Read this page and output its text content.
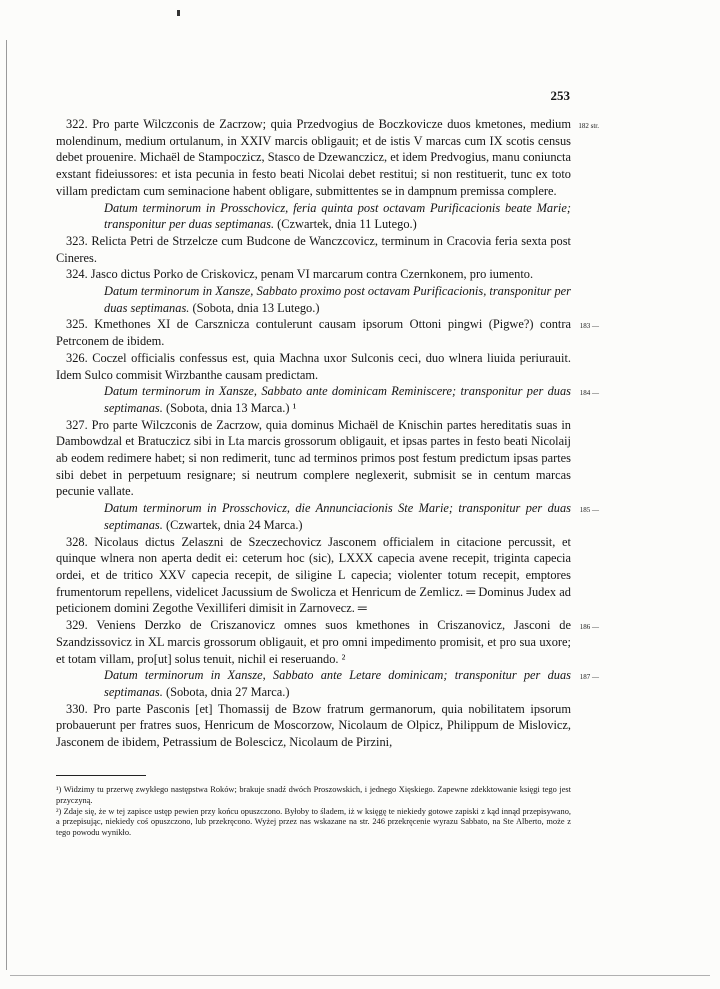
253

322. Pro parte Wilczconis de Zacrzow; quia Przedvogius de Boczkovicze duos kmetones, medium molendinum, medium ortulanum, in XXIV marcis obligauit; et de istis V marcas cum IX scotis census debet prouenire. Michaël de Stampoczicz, Stasco de Dzewanczicz, et idem Predvogius, manu coniuncta exstant fideiussores: et ista pecunia in festo beati Nicolai debet restitui; si non restituerit, tunc ex toto villam predictam cum seminacione habent obligare, submittentes se in dampnum premissa complere.
182 str.

Datum terminorum in Prosschovicz, feria quinta post octavam Purificacionis beate Marie; transponitur per duas septimanas. (Czwartek, dnia 11 Lutego.)

323. Relicta Petri de Strzelcze cum Budcone de Wanczcovicz, terminum in Cracovia feria sexta post Cineres.

324. Jasco dictus Porko de Criskovicz, penam VI marcarum contra Czernkonem, pro iumento.

Datum terminorum in Xansze, Sabbato proximo post octavam Purificacionis, transponitur per duas septimanas. (Sobota, dnia 13 Lutego.)

325. Kmethones XI de Carsznicza contulerunt causam ipsorum Ottoni pingwi (Pigwe?) contra Petrconem de ibidem.
183 —

326. Coczel officialis confessus est, quia Machna uxor Sulconis ceci, duo wlnera liuida periurauit. Idem Sulco commisit Wirzbanthe causam predictam.

Datum terminorum in Xansze, Sabbato ante dominicam Reminiscere; transponitur per duas septimanas. (Sobota, dnia 13 Marca.) ¹
184 —

327. Pro parte Wilczconis de Zacrzow, quia dominus Michaël de Knischin partes hereditatis suas in Dambowdzal et Bratuczicz sibi in Lta marcis grossorum obligauit, et ipsas partes in festo beati Nicolaij ab eodem redimere habet; si non redimerit, tunc ad terminos primos post festum predictum ipsas partes sibi debet in perpetuum resignare; si neutrum complere neglexerit, submisit se in centum marcas pecunie vallate.

Datum terminorum in Prosschovicz, die Annunciacionis Ste Marie; transponitur per duas septimanas. (Czwartek, dnia 24 Marca.)
185 —

328. Nicolaus dictus Zelaszni de Szeczechovicz Jasconem officialem in citacione percussit, et quinque wlnera non aperta dedit ei: ceterum hoc (sic), LXXX capecia avene recepit, triginta capecia ordei, et de tritico XXV capecia recepit, de siligine L capecia; violenter totum recepit, emptores frumentorum repellens, videlicet Jacussium de Swolicza et Henricum de Zemlicz. ═ Dominus Judex ad peticionem domini Zegothe Vexilliferi dimisit in Zarnovecz. ═

329. Veniens Derzko de Criszanovicz omnes suos kmethones in Criszanovicz, Jasconi de Szandzissovicz in XL marcis grossorum obligauit, et pro omni impedimento promisit, et pro sua uxore; et totam villam, pro[ut] solus tenuit, nichil ei reseruando. ²
186 —

Datum terminorum in Xansze, Sabbato ante Letare dominicam; transponitur per duas septimanas. (Sobota, dnia 27 Marca.)
187 —

330. Pro parte Pasconis [et] Thomassij de Bzow fratrum germanorum, quia nobilitatem ipsorum probauerunt per fratres suos, Henricum de Moscorzow, Nicolaum de Olpicz, Philippum de Mislovicz, Jasconem de ibidem, Petrassium de Bolescicz, Nicolaum de Pirzini,

¹) Widzimy tu przerwę zwykłego następstwa Roków; brakuje snadź dwóch Proszowskich, i jednego Xięskiego. Zapewne zdekktowanie księgi tego jest przyczyną.

²) Zdaje się, że w tej zapisce ustęp pewien przy końcu opuszczono. Byłoby to śladem, iż w księgę te niekiedy gotowe zapiski z kąd innąd przepisywano, a przepisując, niekiedy coś opuszczono, lub przekręcono. Wyżej przez nas wskazane na str. 246 przekręcenie wyrazu Sabbato, na Ste Alberto, może z tego powodu wynikło.
